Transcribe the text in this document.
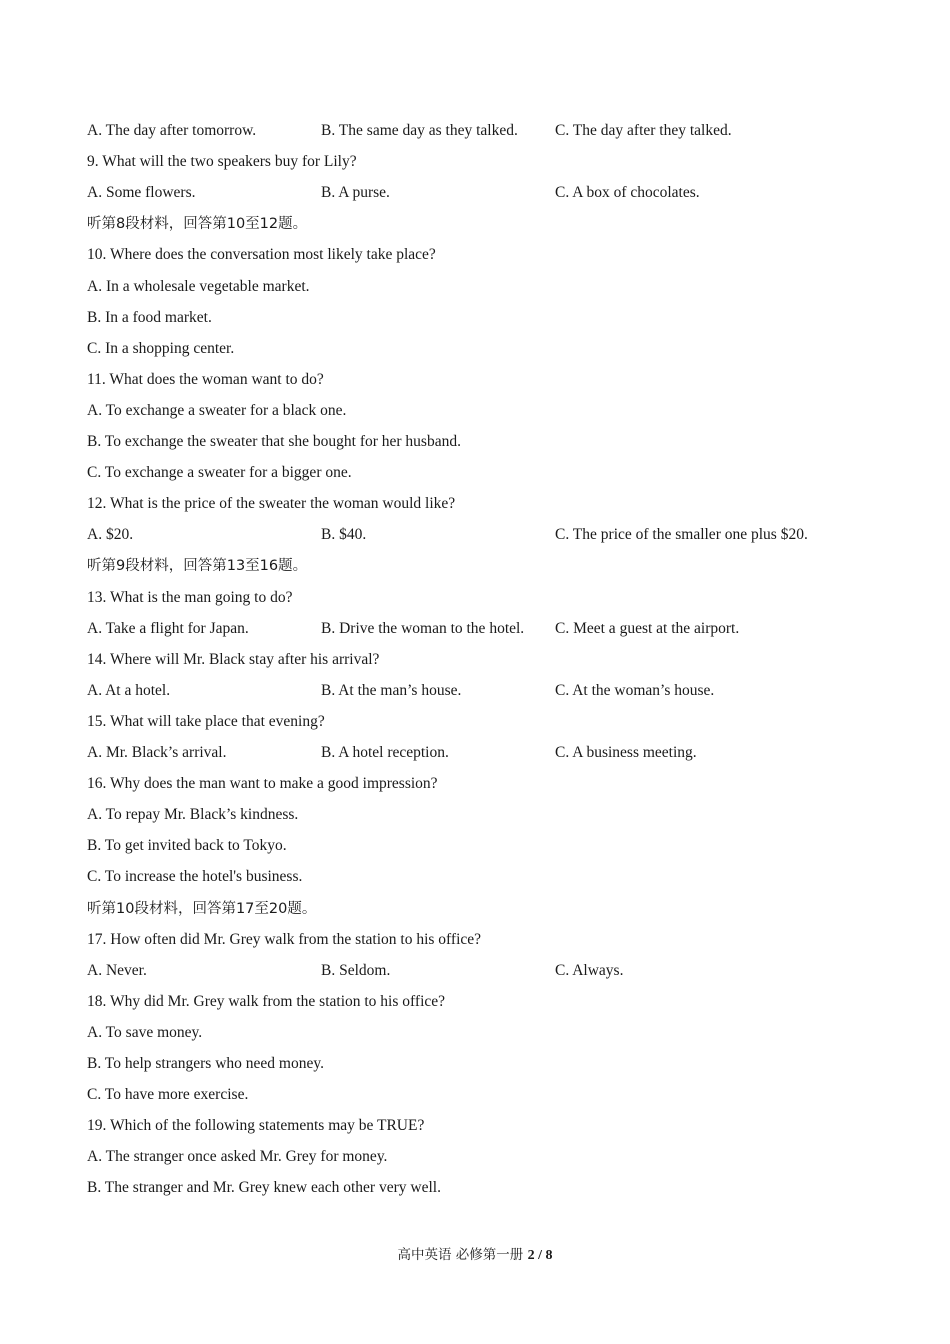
A. The day after tomorrow.	B. The same day as they talked. C. The day after they talked.
9. What will the two speakers buy for Lily?
A. Some flowers.	B. A purse.	C. A box of chocolates.
听第8段材料，回答第10至12题。
10. Where does the conversation most likely take place?
A. In a wholesale vegetable market.
B. In a food market.
C. In a shopping center.
11. What does the woman want to do?
A. To exchange a sweater for a black one.
B. To exchange the sweater that she bought for her husband.
C. To exchange a sweater for a bigger one.
12. What is the price of the sweater the woman would like?
A. $20.	B. $40.	C. The price of the smaller one plus $20.
听第9段材料，回答第13至16题。
13. What is the man going to do?
A. Take a flight for Japan.	B. Drive the woman to the hotel. C. Meet a guest at the airport.
14. Where will Mr. Black stay after his arrival?
A. At a hotel.	B. At the man’s house.	C. At the woman’s house.
15. What will take place that evening?
A. Mr. Black’s arrival.	B. A hotel reception.	C. A business meeting.
16. Why does the man want to make a good impression?
A. To repay Mr. Black’s kindness.
B. To get invited back to Tokyo.
C. To increase the hotel's business.
听第10段材料，回答第17至20题。
17. How often did Mr. Grey walk from the station to his office?
A. Never.	B. Seldom.	C. Always.
18. Why did Mr. Grey walk from the station to his office?
A. To save money.
B. To help strangers who need money.
C. To have more exercise.
19. Which of the following statements may be TRUE?
A. The stranger once asked Mr. Grey for money.
B. The stranger and Mr. Grey knew each other very well.
高中英语 必修第一册 2 / 8
